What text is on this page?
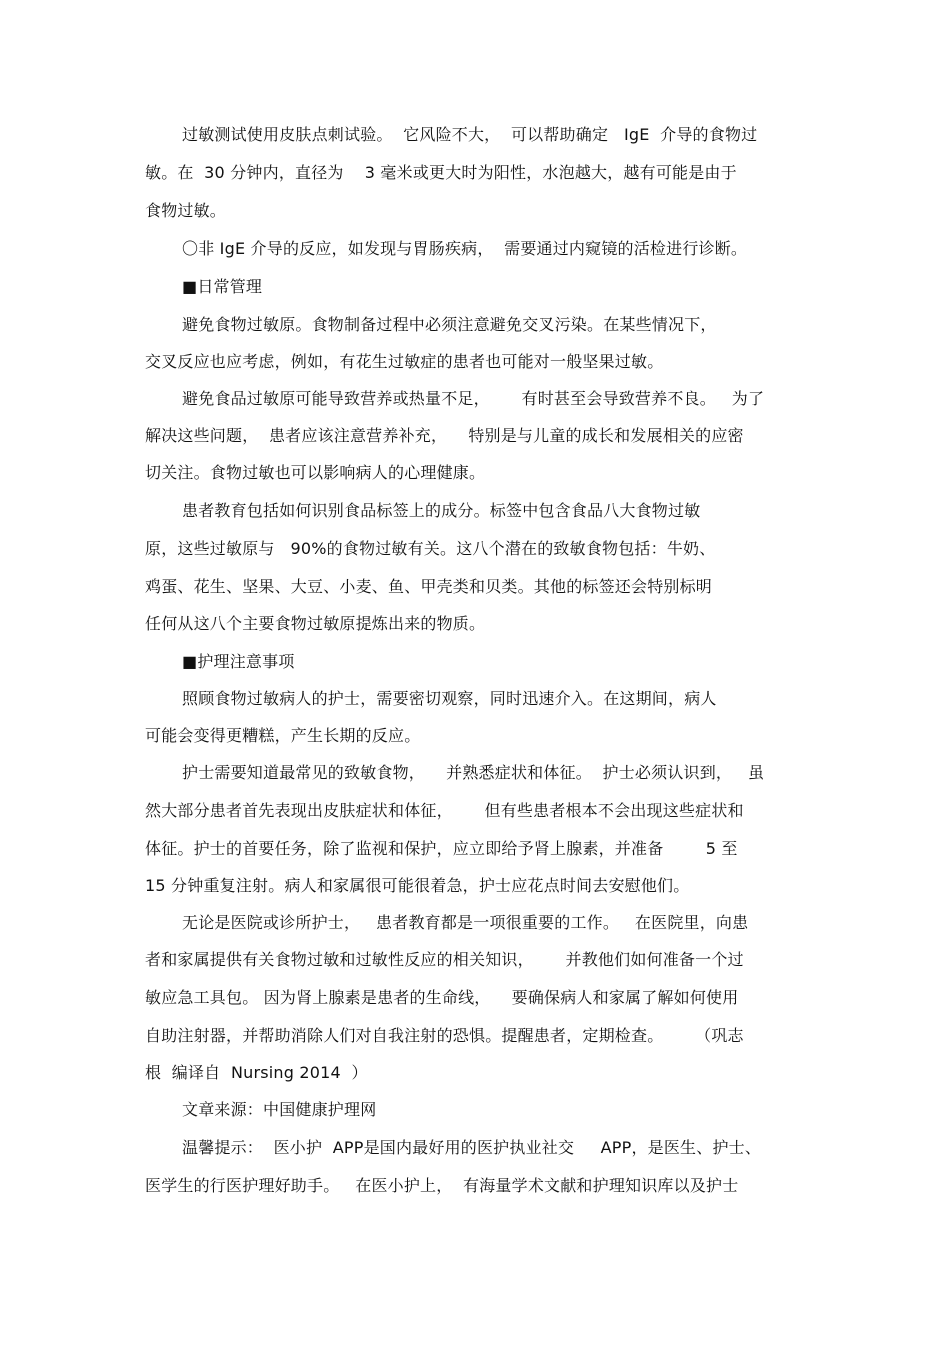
过敏测试使用皮肤点刺试验。  它风险不大，  可以帮助确定   IgE  介导的食物过
敏。在  30 分钟内，直径为    3 毫米或更大时为阳性，水泡越大，越有可能是由于
食物过敏。
〇非 IgE 介导的反应，如发现与胃肠疾病，  需要通过内窥镜的活检进行诊断。
■日常管理
避免食物过敏原。食物制备过程中必须注意避免交叉污染。在某些情况下，
交叉反应也应考虑，例如，有花生过敏症的患者也可能对一般坚果过敏。
避免食品过敏原可能导致营养或热量不足，      有时甚至会导致营养不良。   为了
解决这些问题，  患者应该注意营养补充，    特别是与儿童的成长和发展相关的应密
切关注。食物过敏也可以影响病人的心理健康。
患者教育包括如何识别食品标签上的成分。标签中包含食品八大食物过敏
原，这些过敏原与   90%的食物过敏有关。这八个潜在的致敏食物包括：牛奶、
鸡蛋、花生、坚果、大豆、小麦、鱼、甲壳类和贝类。其他的标签还会特别标明
任何从这八个主要食物过敏原提炼出来的物质。
■护理注意事项
照顾食物过敏病人的护士，需要密切观察，同时迅速介入。在这期间，病人
可能会变得更糟糕，产生长期的反应。
护士需要知道最常见的致敏食物，    并熟悉症状和体征。  护士必须认识到，   虽
然大部分患者首先表现出皮肤症状和体征，      但有些患者根本不会出现这些症状和
体征。护士的首要任务，除了监视和保护，应立即给予肾上腺素，并准备        5 至
15 分钟重复注射。病人和家属很可能很着急，护士应花点时间去安慰他们。
无论是医院或诊所护士，   患者教育都是一项很重要的工作。   在医院里，向患
者和家属提供有关食物过敏和过敏性反应的相关知识，      并教他们如何准备一个过
敏应急工具包。 因为肾上腺素是患者的生命线，    要确保病人和家属了解如何使用
自助注射器，并帮助消除人们对自我注射的恐惧。提醒患者，定期检查。      （巩志
根  编译自  Nursing 2014  ）
文章来源：中国健康护理网
温馨提示：  医小护  APP是国内最好用的医护执业社交     APP，是医生、护士、
医学生的行医护理好助手。   在医小护上，  有海量学术文献和护理知识库以及护士
